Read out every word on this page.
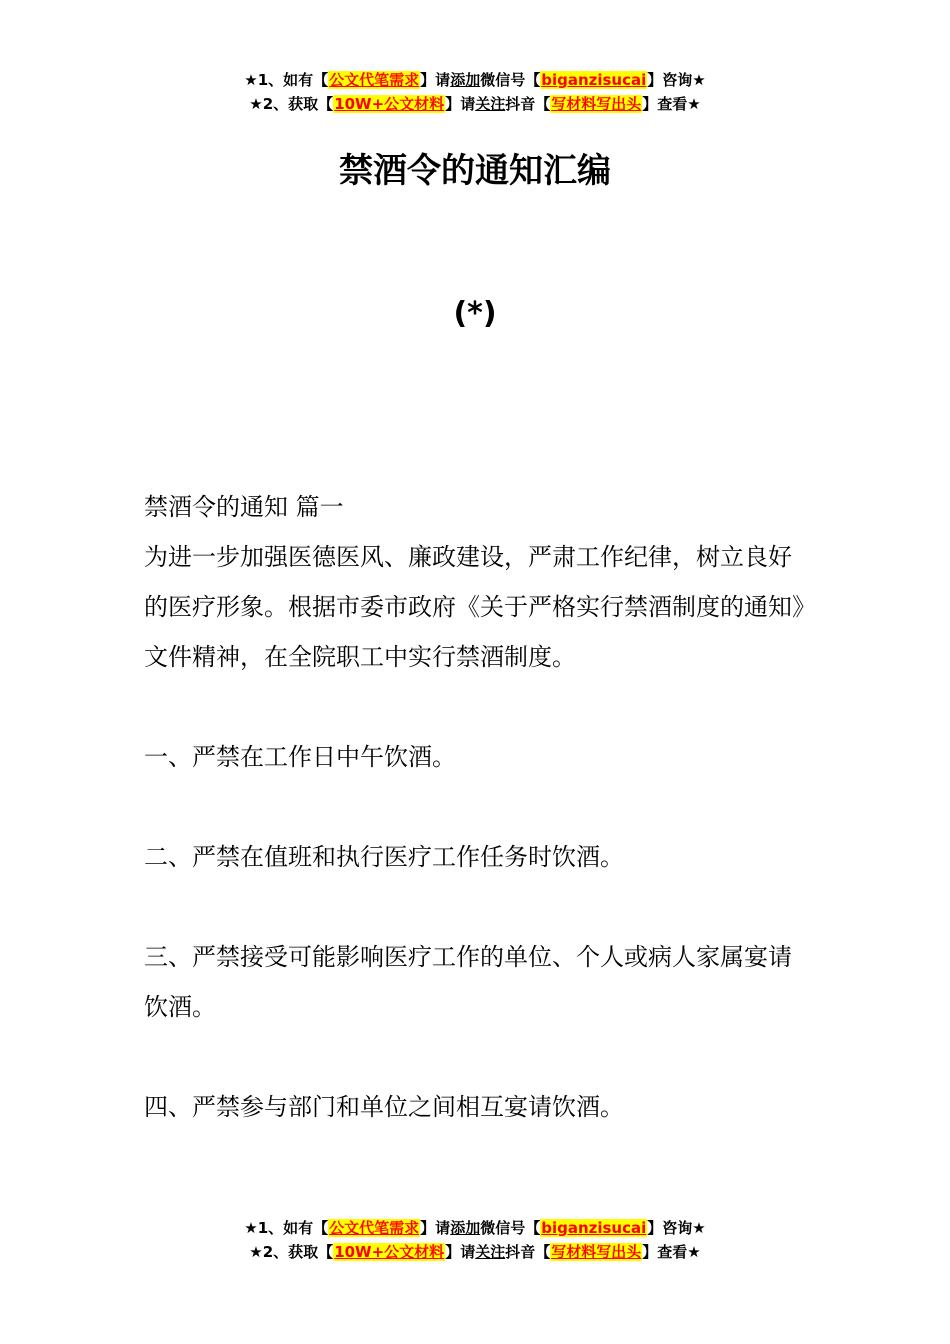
★1、如有【公文代笔需求】请添加微信号【biganzisucai】咨询★
★2、获取【10W+公文材料】请关注抖音【写材料写出头】查看★
禁酒令的通知汇编
(*)

禁酒令的通知 篇一

为进一步加强医德医风、廉政建设，严肃工作纪律，树立良好的医疗形象。根据市委市政府《关于严格实行禁酒制度的通知》文件精神，在全院职工中实行禁酒制度。

一、严禁在工作日中午饮酒。

二、严禁在值班和执行医疗工作任务时饮酒。

三、严禁接受可能影响医疗工作的单位、个人或病人家属宴请饮酒。

四、严禁参与部门和单位之间相互宴请饮酒。

★1、如有【公文代笔需求】请添加微信号【biganzisucai】咨询★
★2、获取【10W+公文材料】请关注抖音【写材料写出头】查看★
